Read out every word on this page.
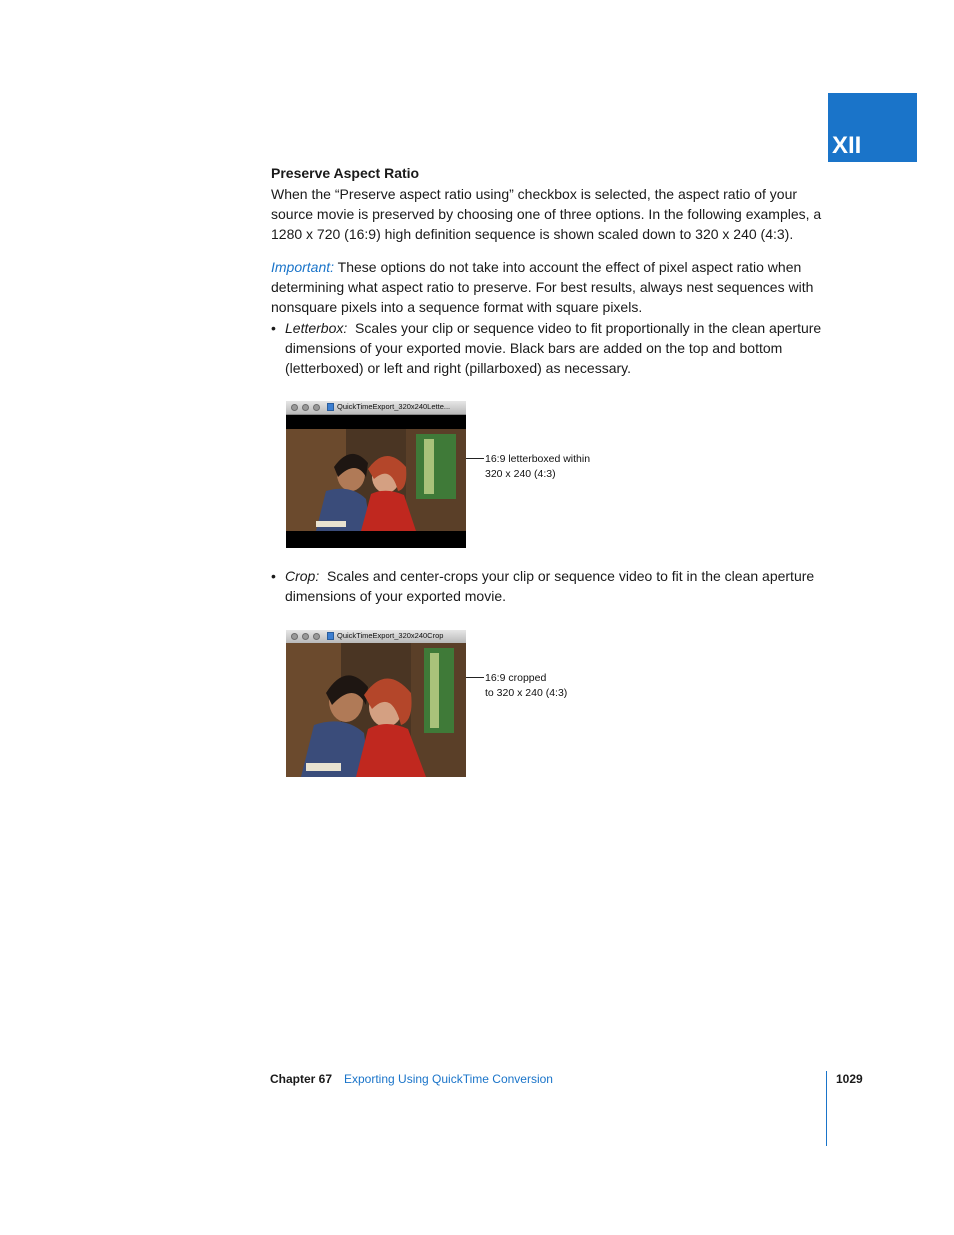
XII
Preserve Aspect Ratio

When the “Preserve aspect ratio using” checkbox is selected, the aspect ratio of your source movie is preserved by choosing one of three options. In the following examples, a 1280 x 720 (16:9) high definition sequence is shown scaled down to 320 x 240 (4:3).

Important: These options do not take into account the effect of pixel aspect ratio when determining what aspect ratio to preserve. For best results, always nest sequences with nonsquare pixels into a sequence format with square pixels.

• Letterbox: Scales your clip or sequence video to fit proportionally in the clean aperture dimensions of your exported movie. Black bars are added on the top and bottom (letterboxed) or left and right (pillarboxed) as necessary.
QuickTimeExport_320x240Lette...
16:9 letterboxed within
320 x 240 (4:3)
• Crop: Scales and center-crops your clip or sequence video to fit in the clean aperture dimensions of your exported movie.
QuickTimeExport_320x240Crop
16:9 cropped
to 320 x 240 (4:3)
Chapter 67 Exporting Using QuickTime Conversion	1029
